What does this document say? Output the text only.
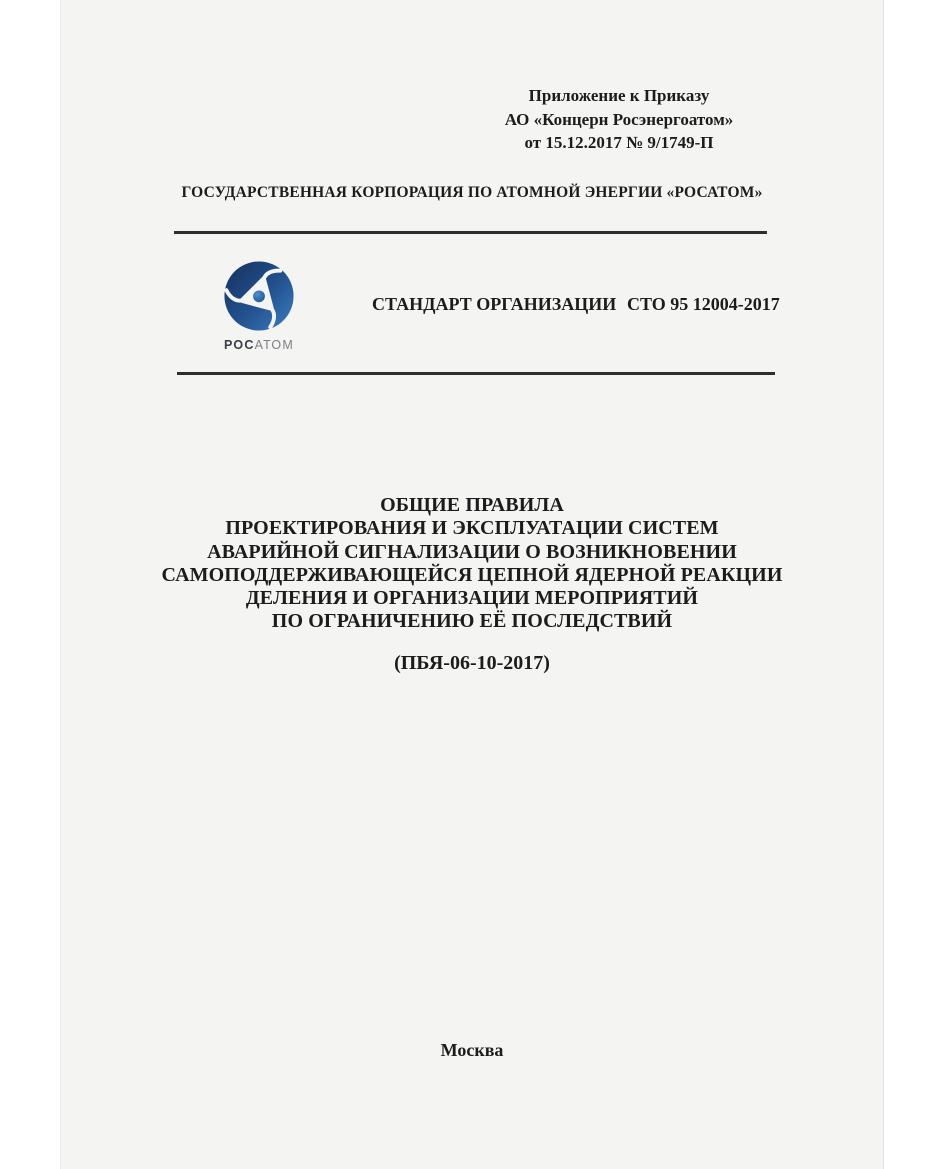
Приложение к Приказу
АО «Концерн Росэнергоатом»
от 15.12.2017 № 9/1749-П
ГОСУДАРСТВЕННАЯ КОРПОРАЦИЯ ПО АТОМНОЙ ЭНЕРГИИ «РОСАТОМ»
РОСАТОМ
СТАНДАРТ ОРГАНИЗАЦИИ СТО 95 12004-2017
ОБЩИЕ ПРАВИЛА
ПРОЕКТИРОВАНИЯ И ЭКСПЛУАТАЦИИ СИСТЕМ
АВАРИЙНОЙ СИГНАЛИЗАЦИИ О ВОЗНИКНОВЕНИИ
САМОПОДДЕРЖИВАЮЩЕЙСЯ ЦЕПНОЙ ЯДЕРНОЙ РЕАКЦИИ
ДЕЛЕНИЯ И ОРГАНИЗАЦИИ МЕРОПРИЯТИЙ
ПО ОГРАНИЧЕНИЮ ЕЁ ПОСЛЕДСТВИЙ
(ПБЯ-06-10-2017)
Москва
